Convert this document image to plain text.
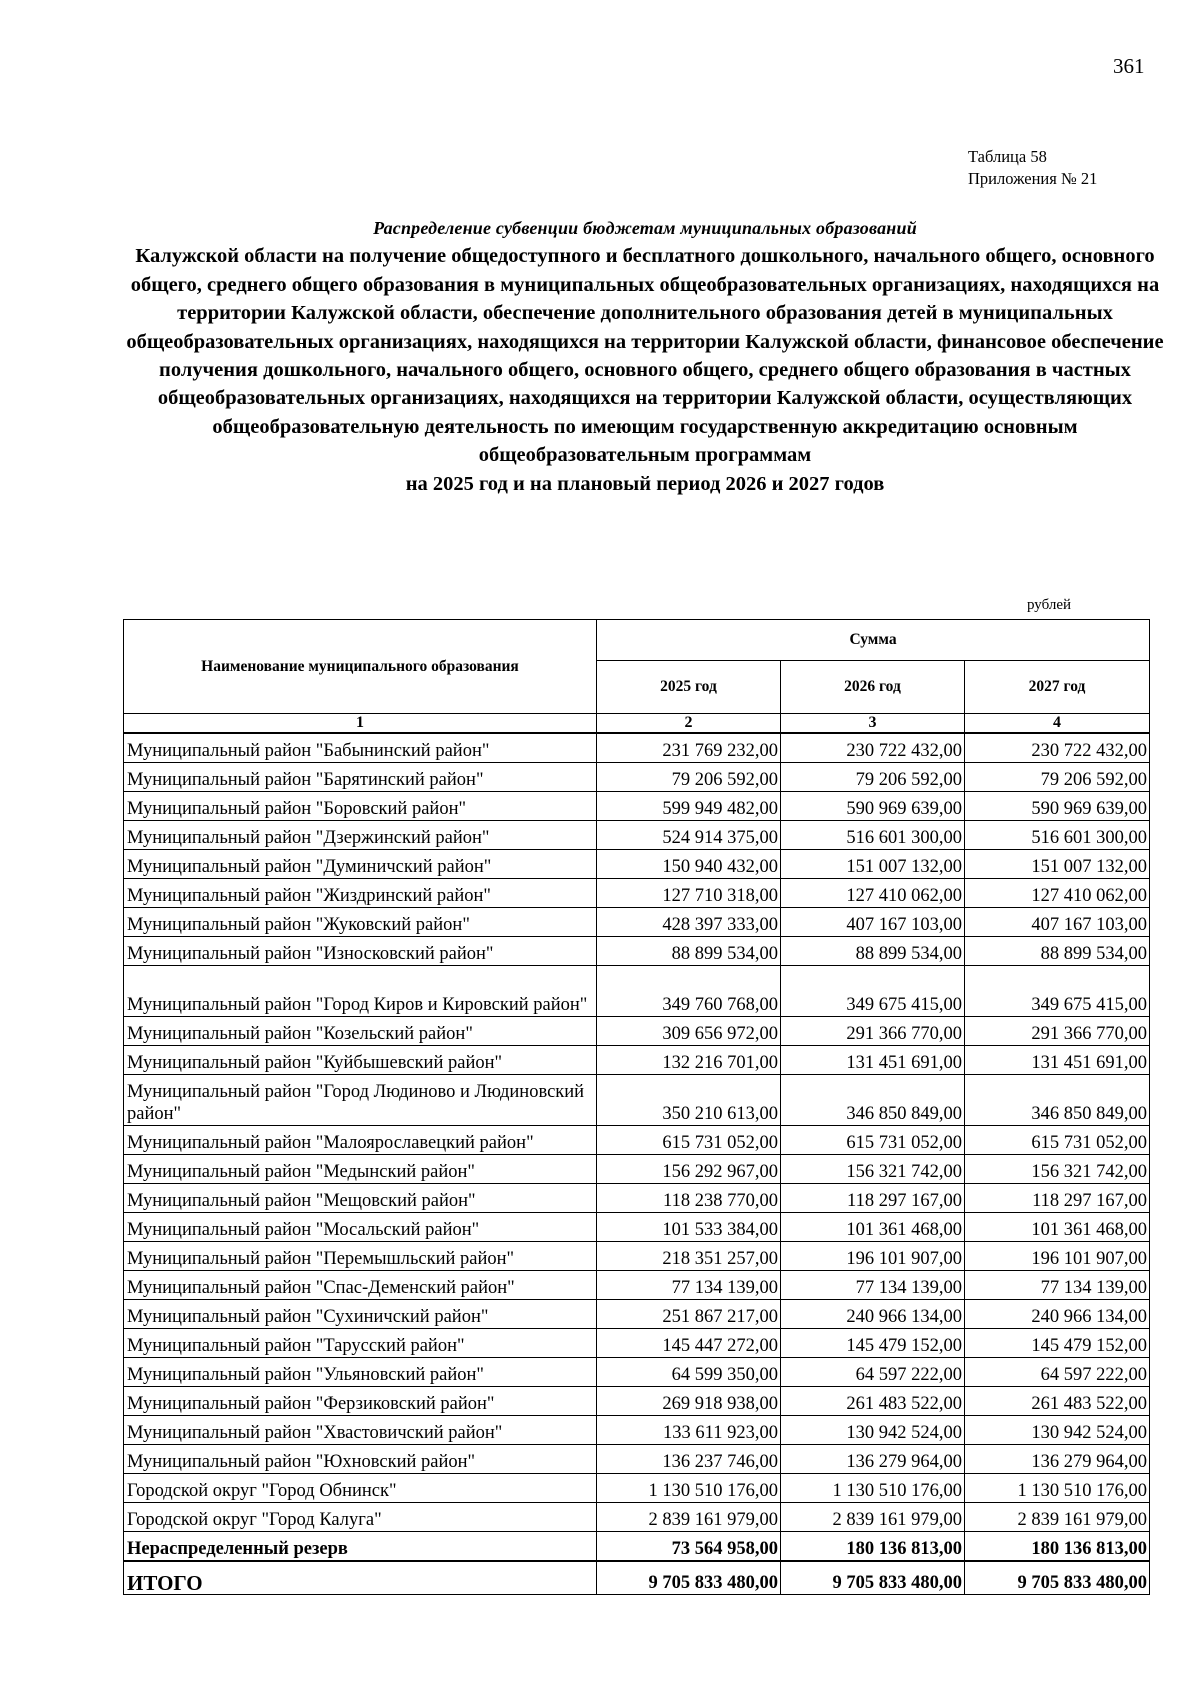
361
Таблица 58
Приложения № 21
Распределение субвенции бюджетам муниципальных образований
Калужской области на получение общедоступного и бесплатного дошкольного, начального общего, основного общего, среднего общего образования в муниципальных общеобразовательных организациях, находящихся на территории Калужской области, обеспечение дополнительного образования детей в муниципальных общеобразовательных организациях, находящихся на территории Калужской области, финансовое обеспечение получения дошкольного, начального общего, основного общего, среднего общего образования в частных общеобразовательных организациях, находящихся на территории Калужской области, осуществляющих общеобразовательную деятельность по имеющим государственную аккредитацию основным общеобразовательным программам
на 2025 год и на плановый период 2026 и 2027 годов
рублей
Наименование муниципального образования	Сумма		
	2025 год	2026 год	2027 год
1	2	3	4
Муниципальный район "Бабынинский район"	231 769 232,00	230 722 432,00	230 722 432,00
Муниципальный район "Барятинский район"	79 206 592,00	79 206 592,00	79 206 592,00
Муниципальный район "Боровский район"	599 949 482,00	590 969 639,00	590 969 639,00
Муниципальный район "Дзержинский район"	524 914 375,00	516 601 300,00	516 601 300,00
Муниципальный район "Думиничский район"	150 940 432,00	151 007 132,00	151 007 132,00
Муниципальный район "Жиздринский район"	127 710 318,00	127 410 062,00	127 410 062,00
Муниципальный район "Жуковский район"	428 397 333,00	407 167 103,00	407 167 103,00
Муниципальный район "Износковский район"	88 899 534,00	88 899 534,00	88 899 534,00
Муниципальный район "Город Киров и Кировский район"	349 760 768,00	349 675 415,00	349 675 415,00
Муниципальный район "Козельский район"	309 656 972,00	291 366 770,00	291 366 770,00
Муниципальный район "Куйбышевский район"	132 216 701,00	131 451 691,00	131 451 691,00
Муниципальный район "Город Людиново и Людиновский район"	350 210 613,00	346 850 849,00	346 850 849,00
Муниципальный район "Малоярославецкий район"	615 731 052,00	615 731 052,00	615 731 052,00
Муниципальный район "Медынский район"	156 292 967,00	156 321 742,00	156 321 742,00
Муниципальный район "Мещовский район"	118 238 770,00	118 297 167,00	118 297 167,00
Муниципальный район "Мосальский район"	101 533 384,00	101 361 468,00	101 361 468,00
Муниципальный район "Перемышльский район"	218 351 257,00	196 101 907,00	196 101 907,00
Муниципальный район "Спас-Деменский район"	77 134 139,00	77 134 139,00	77 134 139,00
Муниципальный район "Сухиничский район"	251 867 217,00	240 966 134,00	240 966 134,00
Муниципальный район "Тарусский район"	145 447 272,00	145 479 152,00	145 479 152,00
Муниципальный район "Ульяновский район"	64 599 350,00	64 597 222,00	64 597 222,00
Муниципальный район "Ферзиковский район"	269 918 938,00	261 483 522,00	261 483 522,00
Муниципальный район "Хвастовичский район"	133 611 923,00	130 942 524,00	130 942 524,00
Муниципальный район "Юхновский район"	136 237 746,00	136 279 964,00	136 279 964,00
Городской округ "Город Обнинск"	1 130 510 176,00	1 130 510 176,00	1 130 510 176,00
Городской округ "Город Калуга"	2 839 161 979,00	2 839 161 979,00	2 839 161 979,00
Нераспределенный резерв	73 564 958,00	180 136 813,00	180 136 813,00
ИТОГО	9 705 833 480,00	9 705 833 480,00	9 705 833 480,00
